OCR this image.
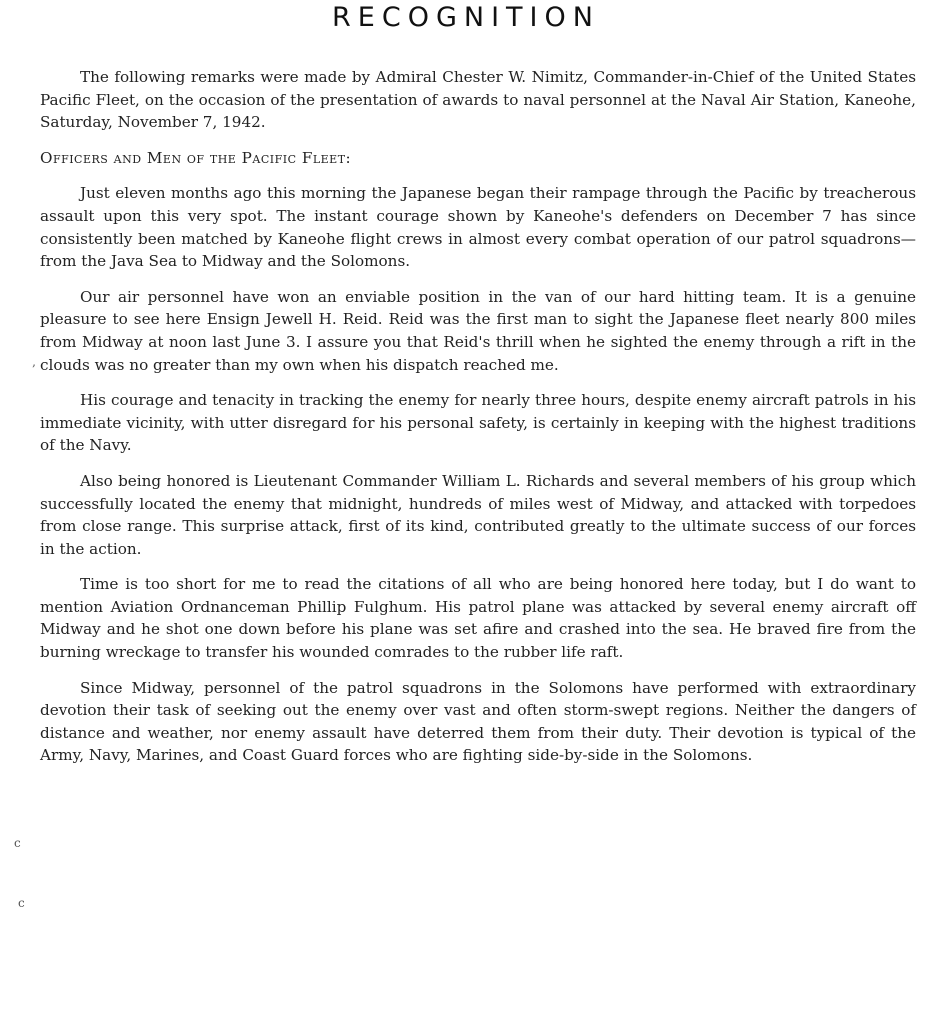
RECOGNITION

The following remarks were made by Admiral Chester W. Nimitz, Commander-in-Chief of the United States Pacific Fleet, on the occasion of the presentation of awards to naval personnel at the Naval Air Station, Kaneohe, Saturday, November 7, 1942.

Officers and Men of the Pacific Fleet:

Just eleven months ago this morning the Japanese began their rampage through the Pacific by treacherous assault upon this very spot. The instant courage shown by Kaneohe's defenders on December 7 has since consistently been matched by Kaneohe flight crews in almost every combat operation of our patrol squadrons—from the Java Sea to Midway and the Solomons.

Our air personnel have won an enviable position in the van of our hard hitting team. It is a genuine pleasure to see here Ensign Jewell H. Reid. Reid was the first man to sight the Japanese fleet nearly 800 miles from Midway at noon last June 3. I assure you that Reid's thrill when he sighted the enemy through a rift in the clouds was no greater than my own when his dispatch reached me.

His courage and tenacity in tracking the enemy for nearly three hours, despite enemy aircraft patrols in his immediate vicinity, with utter disregard for his personal safety, is certainly in keeping with the highest traditions of the Navy.

Also being honored is Lieutenant Commander William L. Richards and several members of his group which successfully located the enemy that midnight, hundreds of miles west of Midway, and attacked with torpedoes from close range. This surprise attack, first of its kind, contributed greatly to the ultimate success of our forces in the action.

Time is too short for me to read the citations of all who are being honored here today, but I do want to mention Aviation Ordnanceman Phillip Fulghum. His patrol plane was attacked by several enemy aircraft off Midway and he shot one down before his plane was set afire and crashed into the sea. He braved fire from the burning wreckage to transfer his wounded comrades to the rubber life raft.

Since Midway, personnel of the patrol squadrons in the Solomons have performed with extraordinary devotion their task of seeking out the enemy over vast and often storm-swept regions. Neither the dangers of distance and weather, nor enemy assault have deterred them from their duty. Their devotion is typical of the Army, Navy, Marines, and Coast Guard forces who are fighting side-by-side in the Solomons.

‚
c
c
